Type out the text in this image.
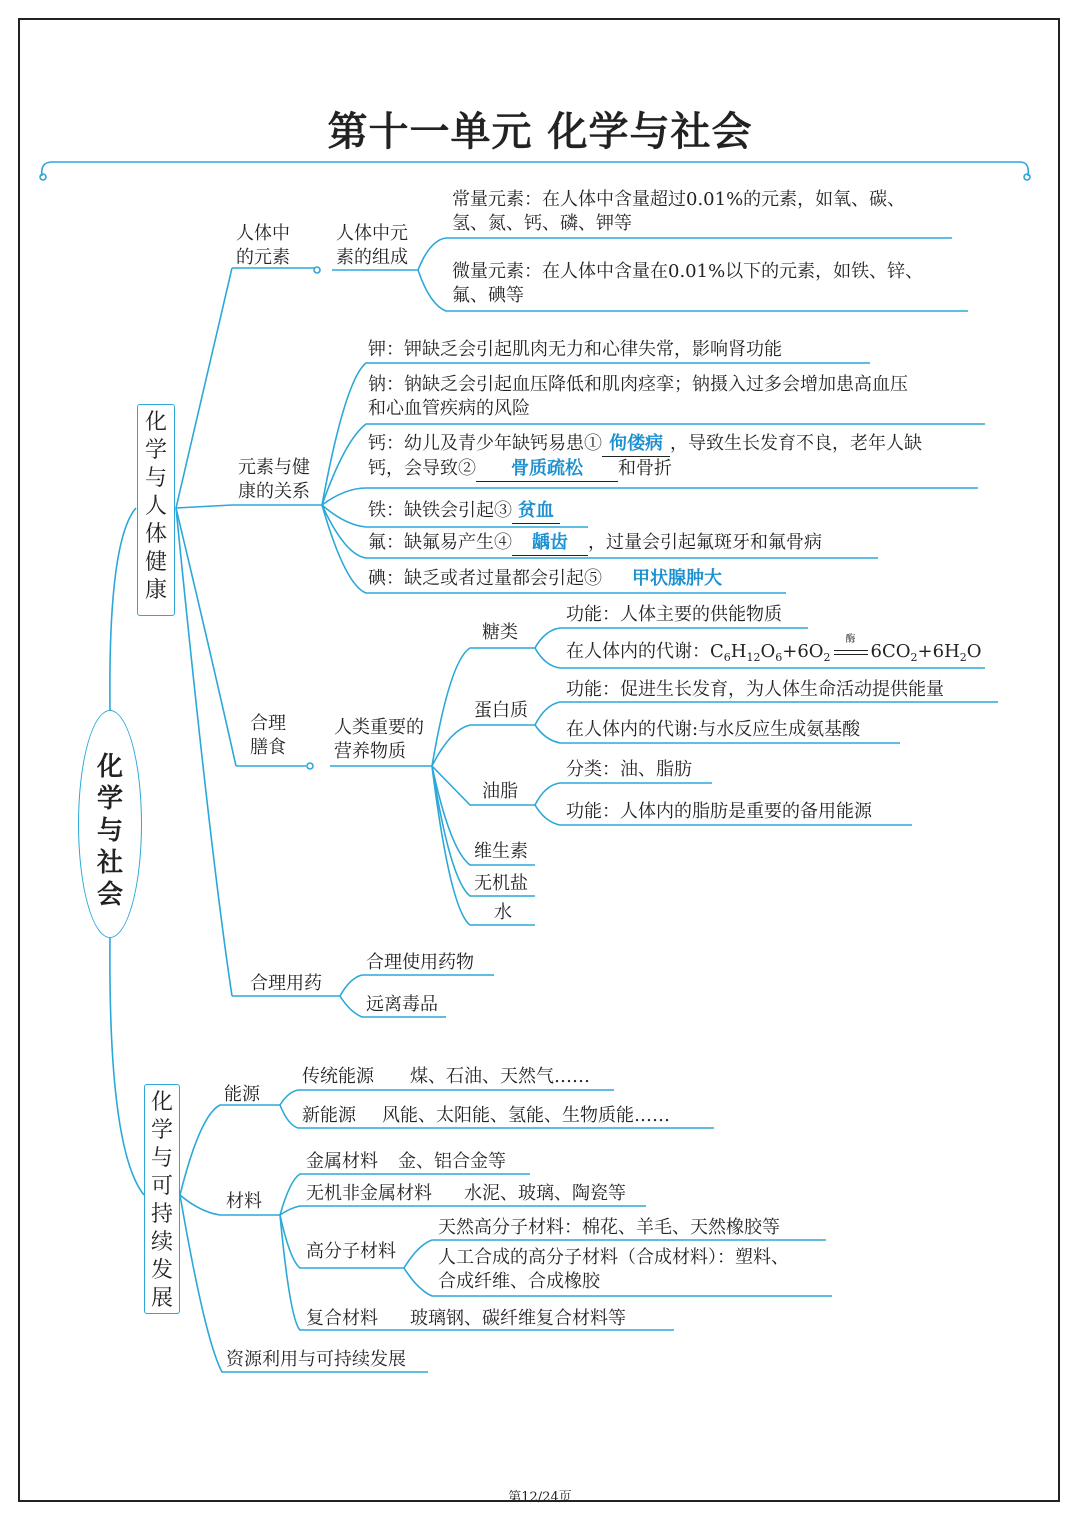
第十一单元 化学与社会
化学与社会
化学与人体健康
化学与可持续发展
人体中
的元素
人体中元
素的组成
常量元素：在人体中含量超过0.01%的元素，如氧、碳、
氢、氮、钙、磷、钾等
微量元素：在人体中含量在0.01%以下的元素，如铁、锌、
氟、碘等
元素与健
康的关系
钾：钾缺乏会引起肌肉无力和心律失常，影响肾功能
钠：钠缺乏会引起血压降低和肌肉痉挛；钠摄入过多会增加患高血压
和心血管疾病的风险
钙：幼儿及青少年缺钙易患① 佝偻病 ，导致生长发育不良，老年人缺
钙，会导致② 骨质疏松 和骨折
铁：缺铁会引起③ 贫血
氟：缺氟易产生④ 龋齿 ，过量会引起氟斑牙和氟骨病
碘：缺乏或者过量都会引起⑤ 甲状腺肿大
合理
膳食
人类重要的
营养物质
糖类
功能：人体主要的供能物质
在人体内的代谢：$C_6H_{12}O_6+6O_2$
酶
$6CO_2+6H_2O$
蛋白质
功能：促进生长发育，为人体生命活动提供能量
在人体内的代谢:与水反应生成氨基酸
油脂
分类：油、脂肪
功能：人体内的脂肪是重要的备用能源
维生素
无机盐
水
合理用药
合理使用药物
远离毒品
能源
传统能源 煤、石油、天然气……
新能源 风能、太阳能、氢能、生物质能……
材料
金属材料 金、铝合金等
无机非金属材料 水泥、玻璃、陶瓷等
高分子材料
天然高分子材料：棉花、羊毛、天然橡胶等
人工合成的高分子材料（合成材料）：塑料、
合成纤维、合成橡胶
复合材料 玻璃钢、碳纤维复合材料等
资源利用与可持续发展
第12/24页
